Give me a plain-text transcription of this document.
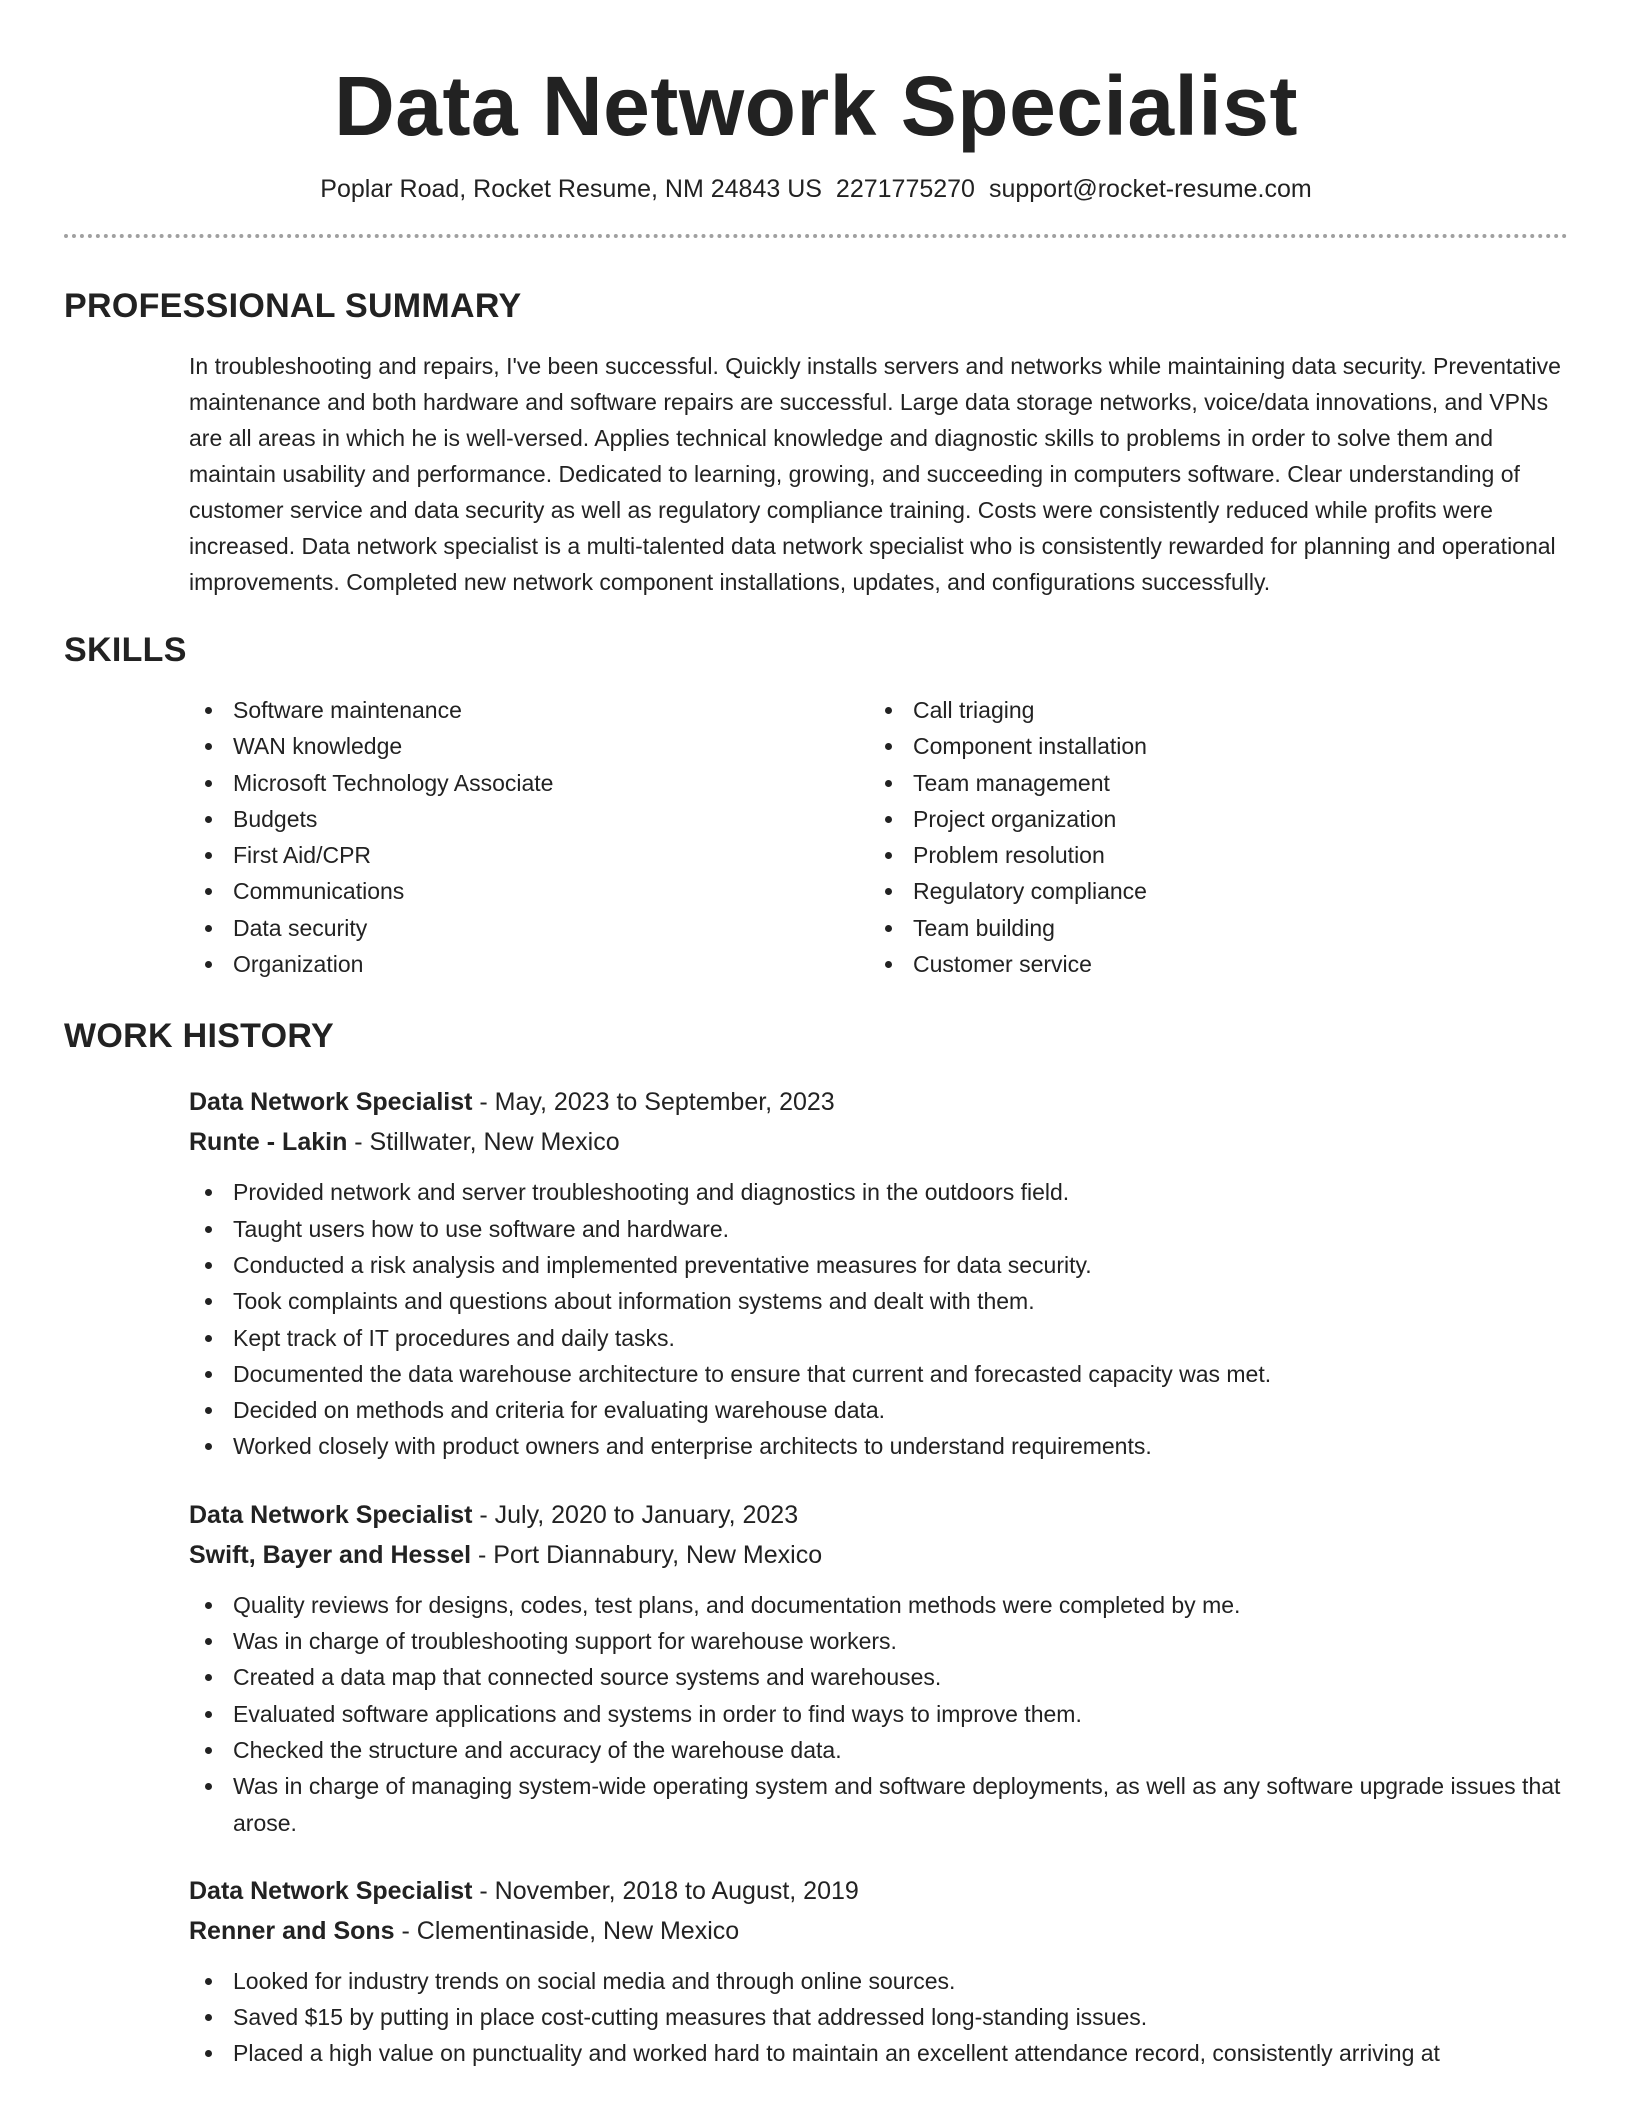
Data Network Specialist
Poplar Road, Rocket Resume, NM 24843 US 2271775270 support@rocket-resume.com
PROFESSIONAL SUMMARY

In troubleshooting and repairs, I've been successful. Quickly installs servers and networks while maintaining data security. Preventative maintenance and both hardware and software repairs are successful. Large data storage networks, voice/data innovations, and VPNs are all areas in which he is well-versed. Applies technical knowledge and diagnostic skills to problems in order to solve them and maintain usability and performance. Dedicated to learning, growing, and succeeding in computers software. Clear understanding of customer service and data security as well as regulatory compliance training. Costs were consistently reduced while profits were increased. Data network specialist is a multi-talented data network specialist who is consistently rewarded for planning and operational improvements. Completed new network component installations, updates, and configurations successfully.

SKILLS
Software maintenance
WAN knowledge
Microsoft Technology Associate
Budgets
First Aid/CPR
Communications
Data security
Organization
Call triaging
Component installation
Team management
Project organization
Problem resolution
Regulatory compliance
Team building
Customer service
WORK HISTORY
Data Network Specialist - May, 2023 to September, 2023
Runte - Lakin - Stillwater, New Mexico
Provided network and server troubleshooting and diagnostics in the outdoors field.
Taught users how to use software and hardware.
Conducted a risk analysis and implemented preventative measures for data security.
Took complaints and questions about information systems and dealt with them.
Kept track of IT procedures and daily tasks.
Documented the data warehouse architecture to ensure that current and forecasted capacity was met.
Decided on methods and criteria for evaluating warehouse data.
Worked closely with product owners and enterprise architects to understand requirements.
Data Network Specialist - July, 2020 to January, 2023
Swift, Bayer and Hessel - Port Diannabury, New Mexico
Quality reviews for designs, codes, test plans, and documentation methods were completed by me.
Was in charge of troubleshooting support for warehouse workers.
Created a data map that connected source systems and warehouses.
Evaluated software applications and systems in order to find ways to improve them.
Checked the structure and accuracy of the warehouse data.
Was in charge of managing system-wide operating system and software deployments, as well as any software upgrade issues that arose.
Data Network Specialist - November, 2018 to August, 2019
Renner and Sons - Clementinaside, New Mexico
Looked for industry trends on social media and through online sources.
Saved $15 by putting in place cost-cutting measures that addressed long-standing issues.
Placed a high value on punctuality and worked hard to maintain an excellent attendance record, consistently arriving at
